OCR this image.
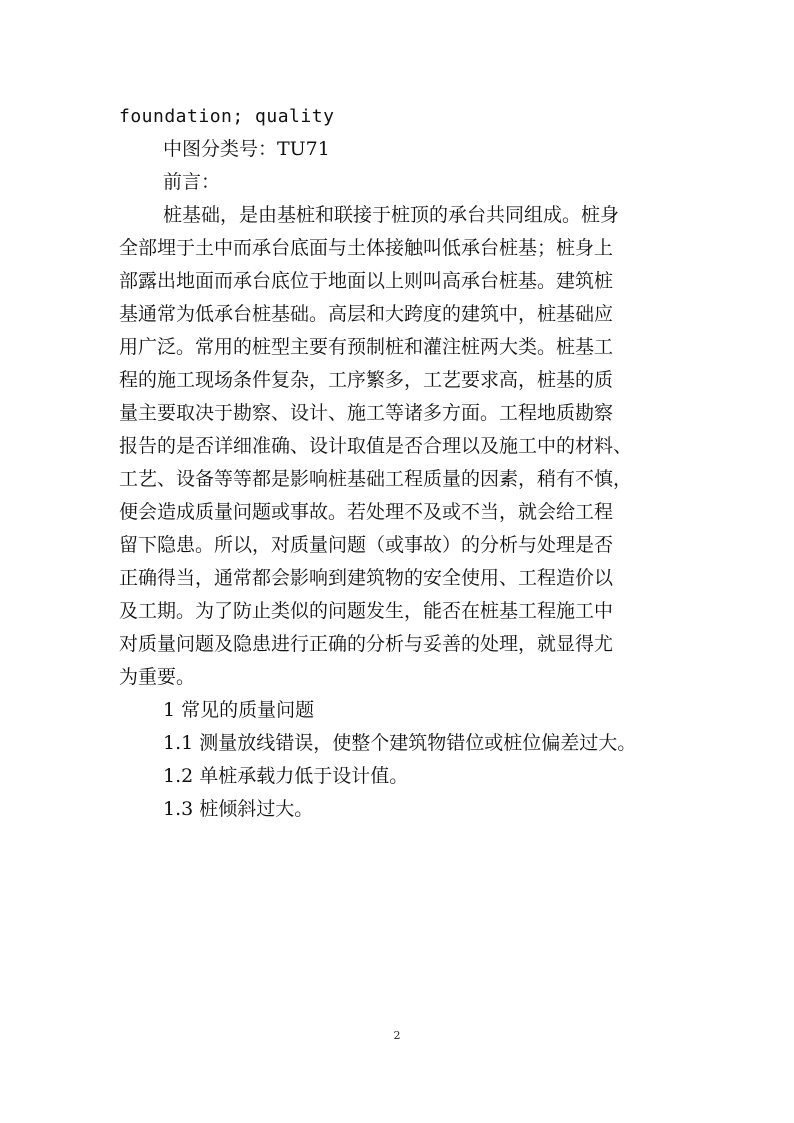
foundation; quality
中图分类号：TU71
前言：
桩基础，是由基桩和联接于桩顶的承台共同组成。桩身
全部埋于土中而承台底面与土体接触叫低承台桩基；桩身上
部露出地面而承台底位于地面以上则叫高承台桩基。建筑桩
基通常为低承台桩基础。高层和大跨度的建筑中，桩基础应
用广泛。常用的桩型主要有预制桩和灌注桩两大类。桩基工
程的施工现场条件复杂，工序繁多，工艺要求高，桩基的质
量主要取决于勘察、设计、施工等诸多方面。工程地质勘察
报告的是否详细准确、设计取值是否合理以及施工中的材料、
工艺、设备等等都是影响桩基础工程质量的因素，稍有不慎，
便会造成质量问题或事故。若处理不及或不当，就会给工程
留下隐患。所以，对质量问题（或事故）的分析与处理是否
正确得当，通常都会影响到建筑物的安全使用、工程造价以
及工期。为了防止类似的问题发生，能否在桩基工程施工中
对质量问题及隐患进行正确的分析与妥善的处理，就显得尤
为重要。
1 常见的质量问题
1.1 测量放线错误，使整个建筑物错位或桩位偏差过大。
1.2 单桩承载力低于设计值。
1.3 桩倾斜过大。
2
